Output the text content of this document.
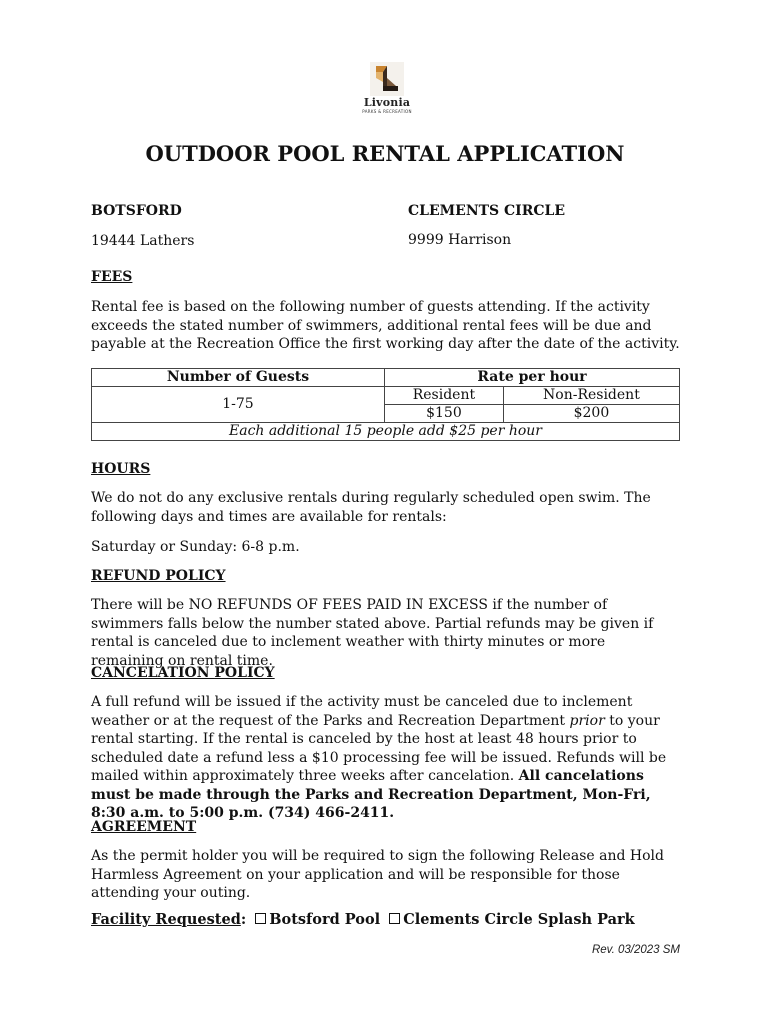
Livonia
PARKS & RECREATION
OUTDOOR POOL RENTAL APPLICATION
BOTSFORD
19444 Lathers
CLEMENTS CIRCLE
9999 Harrison
FEES
Rental fee is based on the following number of guests attending. If the activity exceeds the stated number of swimmers, additional rental fees will be due and payable at the Recreation Office the first working day after the date of the activity.
Number of Guests	Rate per hour	
1-75	Resident	Non-Resident
	$150	$200
Each additional 15 people add $25 per hour		
HOURS
We do not do any exclusive rentals during regularly scheduled open swim. The following days and times are available for rentals:
Saturday or Sunday: 6-8 p.m.
REFUND POLICY
There will be NO REFUNDS OF FEES PAID IN EXCESS if the number of swimmers falls below the number stated above. Partial refunds may be given if rental is canceled due to inclement weather with thirty minutes or more remaining on rental time.
CANCELATION POLICY
A full refund will be issued if the activity must be canceled due to inclement weather or at the request of the Parks and Recreation Department prior to your rental starting. If the rental is canceled by the host at least 48 hours prior to scheduled date a refund less a $10 processing fee will be issued. Refunds will be mailed within approximately three weeks after cancelation. All cancelations must be made through the Parks and Recreation Department, Mon-Fri, 8:30 a.m. to 5:00 p.m. (734) 466-2411.
AGREEMENT
As the permit holder you will be required to sign the following Release and Hold Harmless Agreement on your application and will be responsible for those attending your outing.
Facility Requested: Botsford Pool Clements Circle Splash Park
Rev. 03/2023 SM
